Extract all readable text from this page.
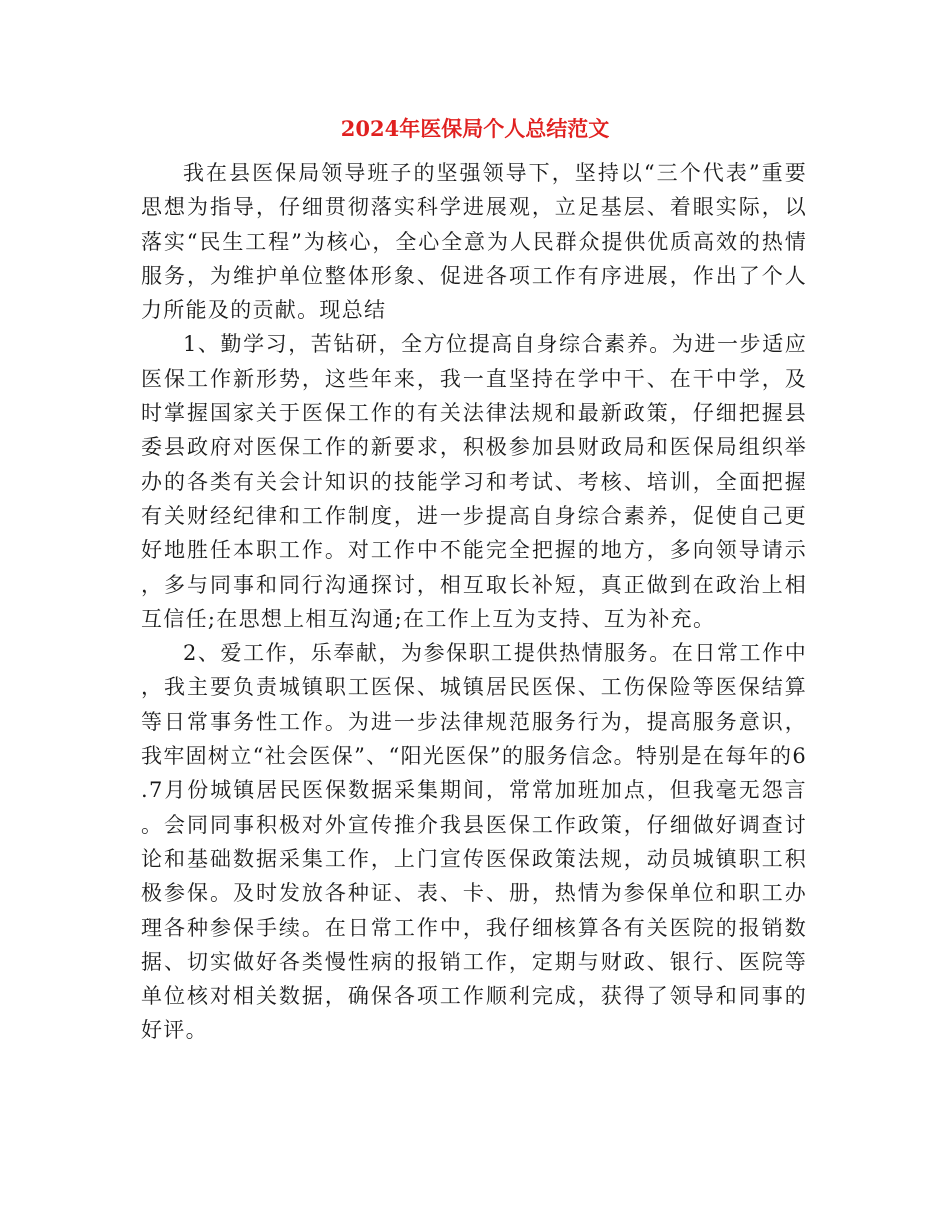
2024年医保局个人总结范文

我在县医保局领导班子的坚强领导下，坚持以“三个代表”重要思想为指导，仔细贯彻落实科学进展观，立足基层、着眼实际，以落实“民生工程”为核心，全心全意为人民群众提供优质高效的热情服务，为维护单位整体形象、促进各项工作有序进展，作出了个人力所能及的贡献。现总结

1、勤学习，苦钻研，全方位提高自身综合素养。为进一步适应医保工作新形势，这些年来，我一直坚持在学中干、在干中学，及时掌握国家关于医保工作的有关法律法规和最新政策，仔细把握县委县政府对医保工作的新要求，积极参加县财政局和医保局组织举办的各类有关会计知识的技能学习和考试、考核、培训，全面把握有关财经纪律和工作制度，进一步提高自身综合素养，促使自己更好地胜任本职工作。对工作中不能完全把握的地方，多向领导请示，多与同事和同行沟通探讨，相互取长补短，真正做到在政治上相互信任;在思想上相互沟通;在工作上互为支持、互为补充。

2、爱工作，乐奉献，为参保职工提供热情服务。在日常工作中，我主要负责城镇职工医保、城镇居民医保、工伤保险等医保结算等日常事务性工作。为进一步法律规范服务行为，提高服务意识，我牢固树立“社会医保”、“阳光医保”的服务信念。特别是在每年的6.7月份城镇居民医保数据采集期间，常常加班加点，但我毫无怨言。会同同事积极对外宣传推介我县医保工作政策，仔细做好调查讨论和基础数据采集工作，上门宣传医保政策法规，动员城镇职工积极参保。及时发放各种证、表、卡、册，热情为参保单位和职工办理各种参保手续。在日常工作中，我仔细核算各有关医院的报销数据、切实做好各类慢性病的报销工作，定期与财政、银行、医院等单位核对相关数据，确保各项工作顺利完成，获得了领导和同事的好评。
